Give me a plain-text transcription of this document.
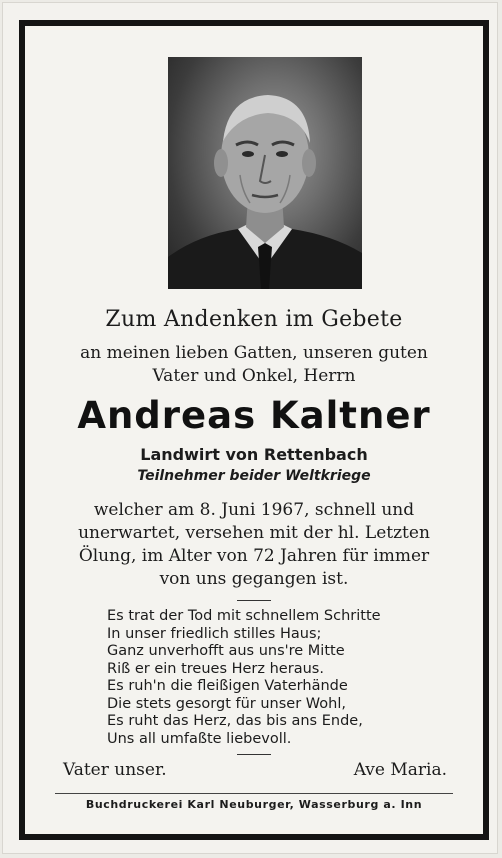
Zum Andenken im Gebete
an meinen lieben Gatten, unseren guten
Vater und Onkel, Herrn
Andreas Kaltner
Landwirt von Rettenbach
Teilnehmer beider Weltkriege
welcher am 8. Juni 1967, schnell und
unerwartet, versehen mit der hl. Letzten
Ölung, im Alter von 72 Jahren für immer
von uns gegangen ist.
Es trat der Tod mit schnellem Schritte
In unser friedlich stilles Haus;
Ganz unverhofft aus uns're Mitte
Riß er ein treues Herz heraus.
Es ruh'n die fleißigen Vaterhände
Die stets gesorgt für unser Wohl,
Es ruht das Herz, das bis ans Ende,
Uns all umfaßte liebevoll.
Vater unser.	Ave Maria.
Buchdruckerei Karl Neuburger, Wasserburg a. Inn
